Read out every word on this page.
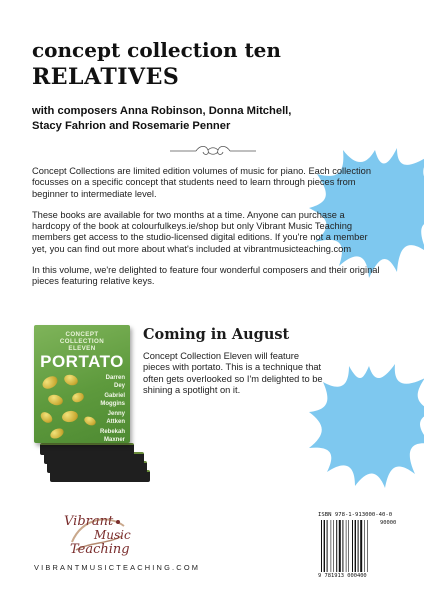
concept collection ten
RELATIVES
with composers Anna Robinson, Donna Mitchell,
Stacy Fahrion and Rosemarie Penner

Concept Collections are limited edition volumes of music for piano. Each collection focusses on a specific concept that students need to learn through pieces from beginner to intermediate level.

These books are available for two months at a time. Anyone can purchase a hardcopy of the book at colourfulkeys.ie/shop but only Vibrant Music Teaching members get access to the studio-licensed digital editions. If you're not a member yet, you can find out more about what's included at vibrantmusicteaching.com

In this volume, we're delighted to feature four wonderful composers and their original pieces featuring relative keys.

CONCEPT
COLLECTION
ELEVEN
PORTATO
Darren
Dey
Gabriel
Moggins
Jenny
Attken
Rebekah
Maxner
Coming in August
Concept Collection Eleven will feature pieces with portato. This is a technique that often gets overlooked so I'm delighted to be shining a spotlight on it.
Vibrant
Music
Teaching
VIBRANTMUSICTEACHING.COM
ISBN 978-1-913000-40-0
90000
9 781913 000400
